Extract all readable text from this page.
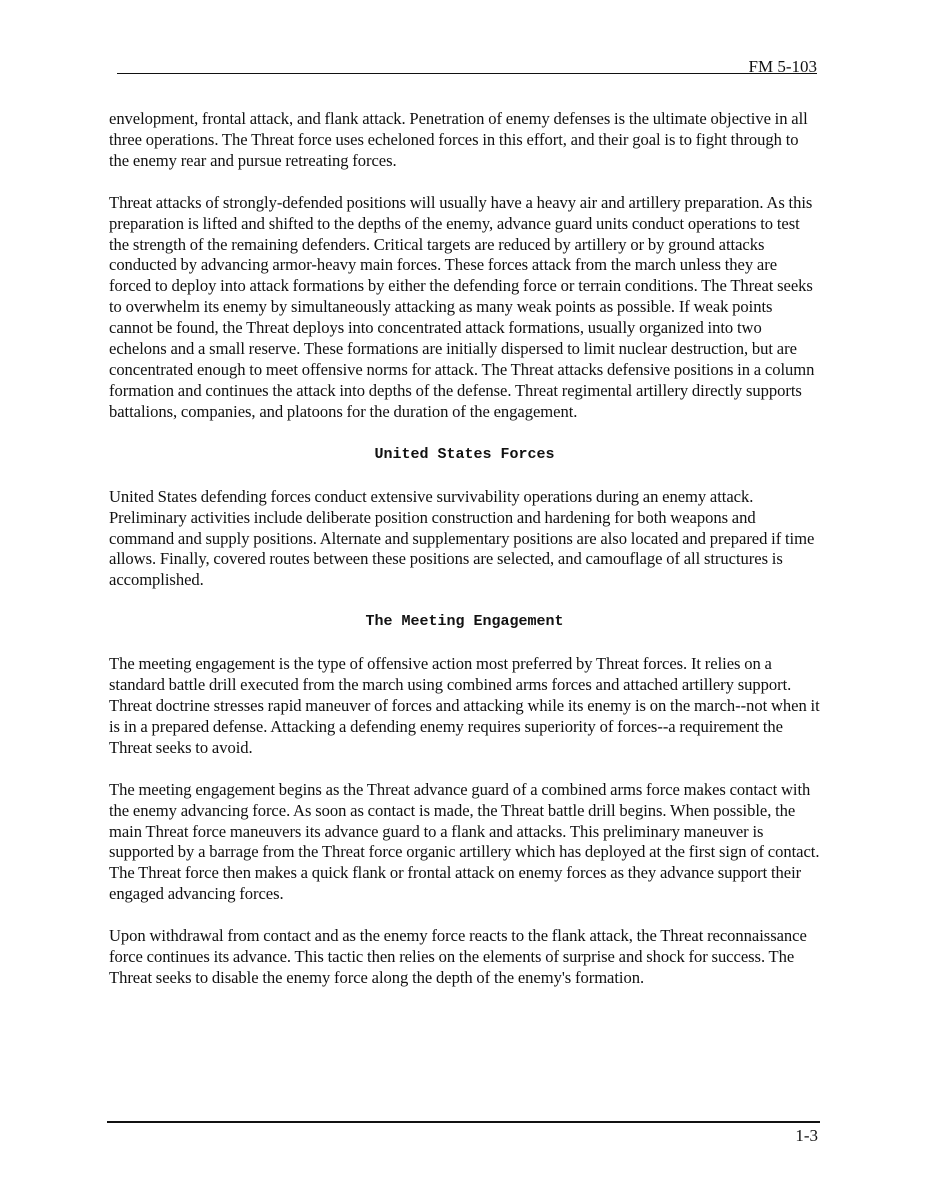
FM 5-103

envelopment, frontal attack, and flank attack. Penetration of enemy defenses is the ultimate objective in all three operations. The Threat force uses echeloned forces in this effort, and their goal is to fight through to the enemy rear and pursue retreating forces.

Threat attacks of strongly-defended positions will usually have a heavy air and artillery preparation. As this preparation is lifted and shifted to the depths of the enemy, advance guard units conduct operations to test the strength of the remaining defenders. Critical targets are reduced by artillery or by ground attacks conducted by advancing armor-heavy main forces. These forces attack from the march unless they are forced to deploy into attack formations by either the defending force or terrain conditions. The Threat seeks to overwhelm its enemy by simultaneously attacking as many weak points as possible. If weak points cannot be found, the Threat deploys into concentrated attack formations, usually organized into two echelons and a small reserve. These formations are initially dispersed to limit nuclear destruction, but are concentrated enough to meet offensive norms for attack. The Threat attacks defensive positions in a column formation and continues the attack into depths of the defense. Threat regimental artillery directly supports battalions, companies, and platoons for the duration of the engagement.

United States Forces

United States defending forces conduct extensive survivability operations during an enemy attack. Preliminary activities include deliberate position construction and hardening for both weapons and command and supply positions. Alternate and supplementary positions are also located and prepared if time allows. Finally, covered routes between these positions are selected, and camouflage of all structures is accomplished.

The Meeting Engagement

The meeting engagement is the type of offensive action most preferred by Threat forces. It relies on a standard battle drill executed from the march using combined arms forces and attached artillery support. Threat doctrine stresses rapid maneuver of forces and attacking while its enemy is on the march--not when it is in a prepared defense. Attacking a defending enemy requires superiority of forces--a requirement the Threat seeks to avoid.

The meeting engagement begins as the Threat advance guard of a combined arms force makes contact with the enemy advancing force. As soon as contact is made, the Threat battle drill begins. When possible, the main Threat force maneuvers its advance guard to a flank and attacks. This preliminary maneuver is supported by a barrage from the Threat force organic artillery which has deployed at the first sign of contact. The Threat force then makes a quick flank or frontal attack on enemy forces as they advance support their engaged advancing forces.

Upon withdrawal from contact and as the enemy force reacts to the flank attack, the Threat reconnaissance force continues its advance. This tactic then relies on the elements of surprise and shock for success. The Threat seeks to disable the enemy force along the depth of the enemy's formation.

1-3
